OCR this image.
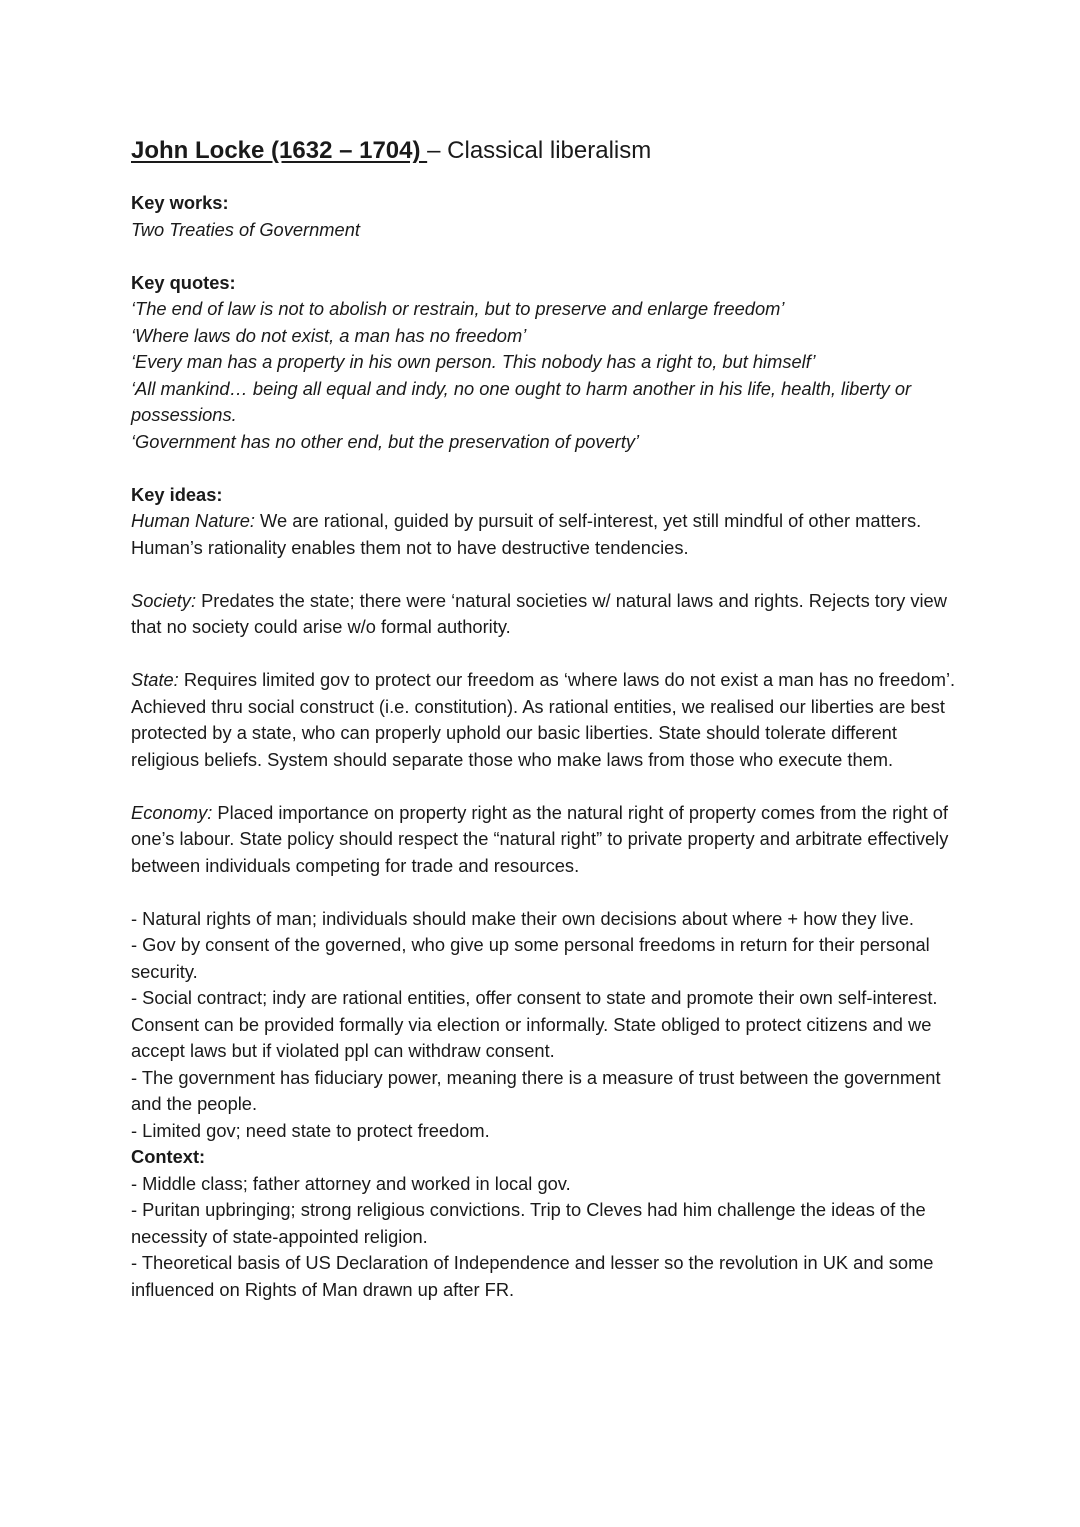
John Locke (1632 – 1704) – Classical liberalism

Key works:

Two Treaties of Government

Key quotes:

‘The end of law is not to abolish or restrain, but to preserve and enlarge freedom’

‘Where laws do not exist, a man has no freedom’

‘Every man has a property in his own person. This nobody has a right to, but himself’

‘All mankind… being all equal and indy, no one ought to harm another in his life, health, liberty or possessions.

‘Government has no other end, but the preservation of poverty’

Key ideas:

Human Nature: We are rational, guided by pursuit of self-interest, yet still mindful of other matters. Human’s rationality enables them not to have destructive tendencies.

Society: Predates the state; there were ‘natural societies w/ natural laws and rights. Rejects tory view that no society could arise w/o formal authority.

State: Requires limited gov to protect our freedom as ‘where laws do not exist a man has no freedom’. Achieved thru social construct (i.e. constitution). As rational entities, we realised our liberties are best protected by a state, who can properly uphold our basic liberties. State should tolerate different religious beliefs. System should separate those who make laws from those who execute them.

Economy: Placed importance on property right as the natural right of property comes from the right of one’s labour. State policy should respect the “natural right” to private property and arbitrate effectively between individuals competing for trade and resources.

- Natural rights of man; individuals should make their own decisions about where + how they live.
- Gov by consent of the governed, who give up some personal freedoms in return for their personal security.
- Social contract; indy are rational entities, offer consent to state and promote their own self-interest. Consent can be provided formally via election or informally. State obliged to protect citizens and we accept laws but if violated ppl can withdraw consent.
- The government has fiduciary power, meaning there is a measure of trust between the government and the people.
- Limited gov; need state to protect freedom.

Context:

- Middle class; father attorney and worked in local gov.
- Puritan upbringing; strong religious convictions. Trip to Cleves had him challenge the ideas of the necessity of state-appointed religion.
- Theoretical basis of US Declaration of Independence and lesser so the revolution in UK and some influenced on Rights of Man drawn up after FR.
